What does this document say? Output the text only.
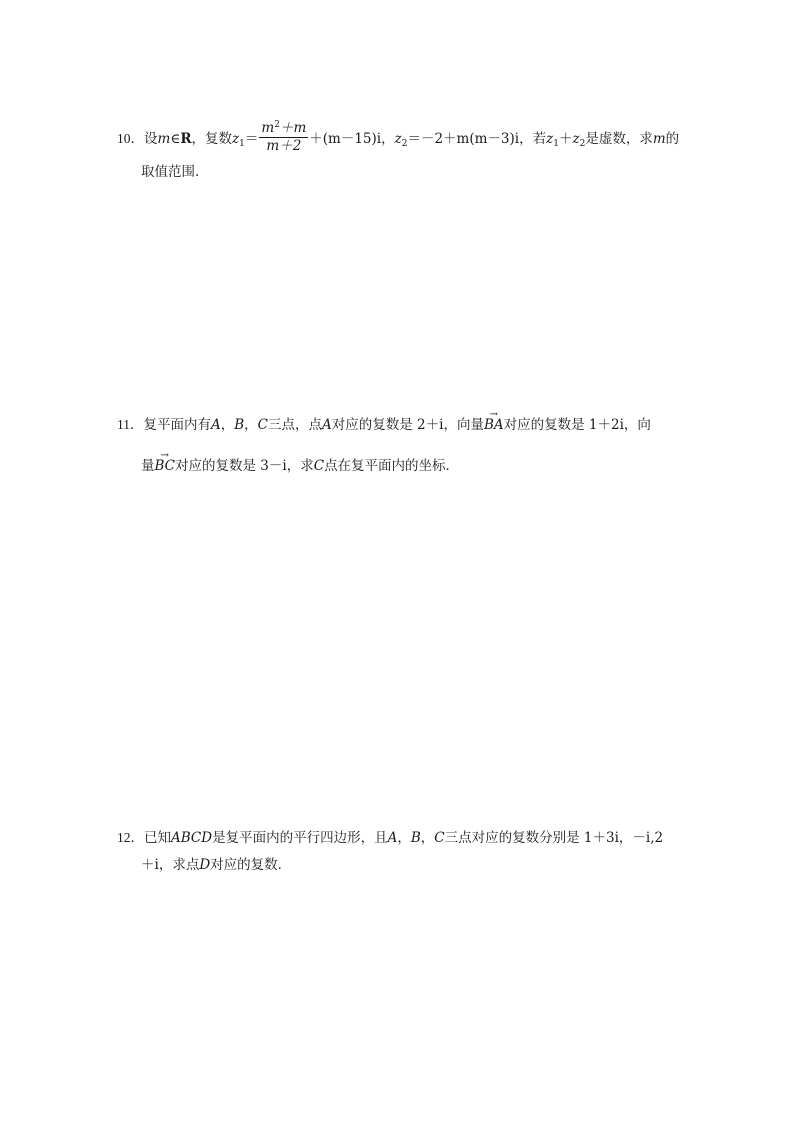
10．设m∈R，复数$z_1= \frac{m^2+m}{m+2} +(m-15)i$，$z_2=-2+m(m-3)i$，若$z_1+z_2$是虚数，求m的
取值范围．
11．复平面内有A，B，C三点，点A对应的复数是 2＋i，向量
→
BA对应的复数是 1＋2i，向
量
→
BC对应的复数是 3－i，求C点在复平面内的坐标．
12．已知ABCD是复平面内的平行四边形，且A，B，C三点对应的复数分别是 1＋3i，－i,2
＋i，求点D对应的复数．
